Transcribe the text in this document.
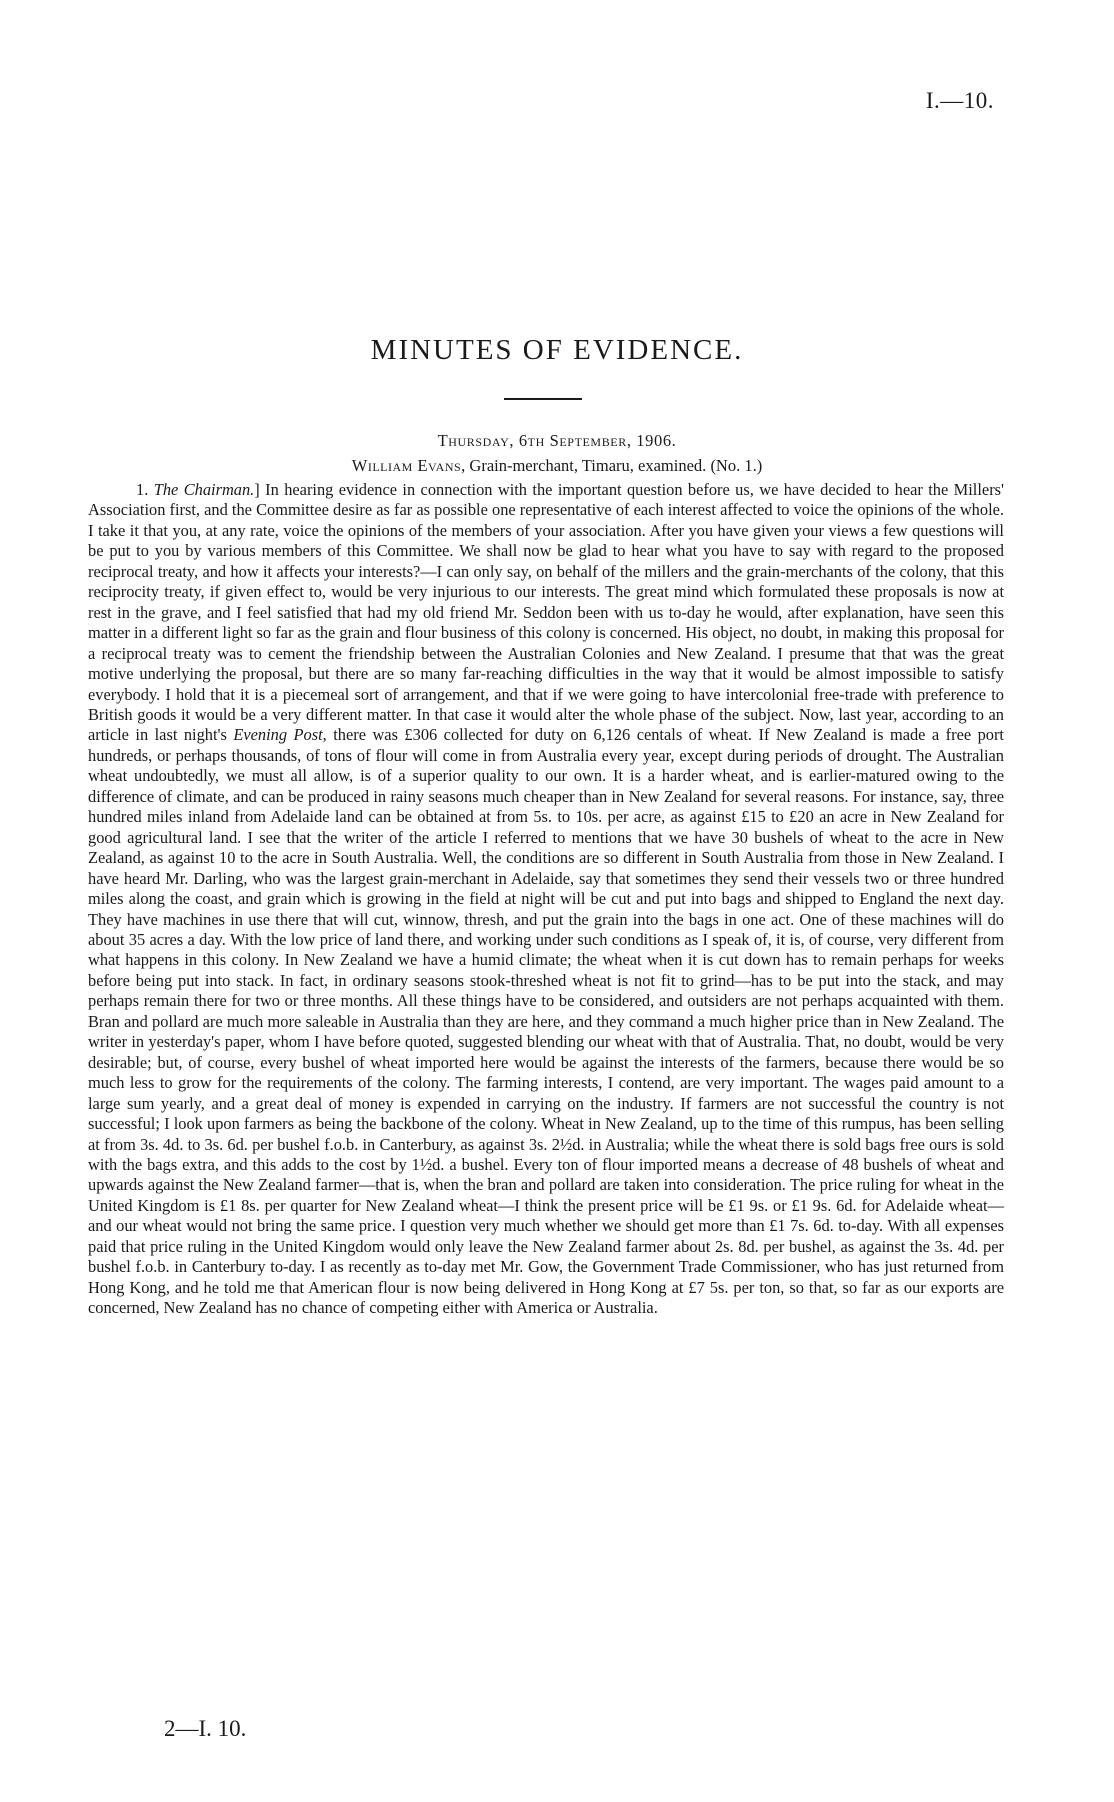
I.—10.
MINUTES OF EVIDENCE.
Thursday, 6th September, 1906.
William Evans, Grain-merchant, Timaru, examined. (No. 1.)

1. The Chairman.] In hearing evidence in connection with the important question before us, we have decided to hear the Millers' Association first, and the Committee desire as far as possible one representative of each interest affected to voice the opinions of the whole. I take it that you, at any rate, voice the opinions of the members of your association. After you have given your views a few questions will be put to you by various members of this Committee. We shall now be glad to hear what you have to say with regard to the proposed reciprocal treaty, and how it affects your interests?—I can only say, on behalf of the millers and the grain-merchants of the colony, that this reciprocity treaty, if given effect to, would be very injurious to our interests. The great mind which formulated these proposals is now at rest in the grave, and I feel satisfied that had my old friend Mr. Seddon been with us to-day he would, after explanation, have seen this matter in a different light so far as the grain and flour business of this colony is concerned. His object, no doubt, in making this proposal for a reciprocal treaty was to cement the friendship between the Australian Colonies and New Zealand. I presume that that was the great motive underlying the proposal, but there are so many far-reaching difficulties in the way that it would be almost impossible to satisfy everybody. I hold that it is a piecemeal sort of arrangement, and that if we were going to have intercolonial free-trade with preference to British goods it would be a very different matter. In that case it would alter the whole phase of the subject. Now, last year, according to an article in last night's Evening Post, there was £306 collected for duty on 6,126 centals of wheat. If New Zealand is made a free port hundreds, or perhaps thousands, of tons of flour will come in from Australia every year, except during periods of drought. The Australian wheat undoubtedly, we must all allow, is of a superior quality to our own. It is a harder wheat, and is earlier-matured owing to the difference of climate, and can be produced in rainy seasons much cheaper than in New Zealand for several reasons. For instance, say, three hundred miles inland from Adelaide land can be obtained at from 5s. to 10s. per acre, as against £15 to £20 an acre in New Zealand for good agricultural land. I see that the writer of the article I referred to mentions that we have 30 bushels of wheat to the acre in New Zealand, as against 10 to the acre in South Australia. Well, the conditions are so different in South Australia from those in New Zealand. I have heard Mr. Darling, who was the largest grain-merchant in Adelaide, say that sometimes they send their vessels two or three hundred miles along the coast, and grain which is growing in the field at night will be cut and put into bags and shipped to England the next day. They have machines in use there that will cut, winnow, thresh, and put the grain into the bags in one act. One of these machines will do about 35 acres a day. With the low price of land there, and working under such conditions as I speak of, it is, of course, very different from what happens in this colony. In New Zealand we have a humid climate; the wheat when it is cut down has to remain perhaps for weeks before being put into stack. In fact, in ordinary seasons stook-threshed wheat is not fit to grind—has to be put into the stack, and may perhaps remain there for two or three months. All these things have to be considered, and outsiders are not perhaps acquainted with them. Bran and pollard are much more saleable in Australia than they are here, and they command a much higher price than in New Zealand. The writer in yesterday's paper, whom I have before quoted, suggested blending our wheat with that of Australia. That, no doubt, would be very desirable; but, of course, every bushel of wheat imported here would be against the interests of the farmers, because there would be so much less to grow for the requirements of the colony. The farming interests, I contend, are very important. The wages paid amount to a large sum yearly, and a great deal of money is expended in carrying on the industry. If farmers are not successful the country is not successful; I look upon farmers as being the backbone of the colony. Wheat in New Zealand, up to the time of this rumpus, has been selling at from 3s. 4d. to 3s. 6d. per bushel f.o.b. in Canterbury, as against 3s. 2½d. in Australia; while the wheat there is sold bags free ours is sold with the bags extra, and this adds to the cost by 1½d. a bushel. Every ton of flour imported means a decrease of 48 bushels of wheat and upwards against the New Zealand farmer—that is, when the bran and pollard are taken into consideration. The price ruling for wheat in the United Kingdom is £1 8s. per quarter for New Zealand wheat—I think the present price will be £1 9s. or £1 9s. 6d. for Adelaide wheat—and our wheat would not bring the same price. I question very much whether we should get more than £1 7s. 6d. to-day. With all expenses paid that price ruling in the United Kingdom would only leave the New Zealand farmer about 2s. 8d. per bushel, as against the 3s. 4d. per bushel f.o.b. in Canterbury to-day. I as recently as to-day met Mr. Gow, the Government Trade Commissioner, who has just returned from Hong Kong, and he told me that American flour is now being delivered in Hong Kong at £7 5s. per ton, so that, so far as our exports are concerned, New Zealand has no chance of competing either with America or Australia.

2—I. 10.
